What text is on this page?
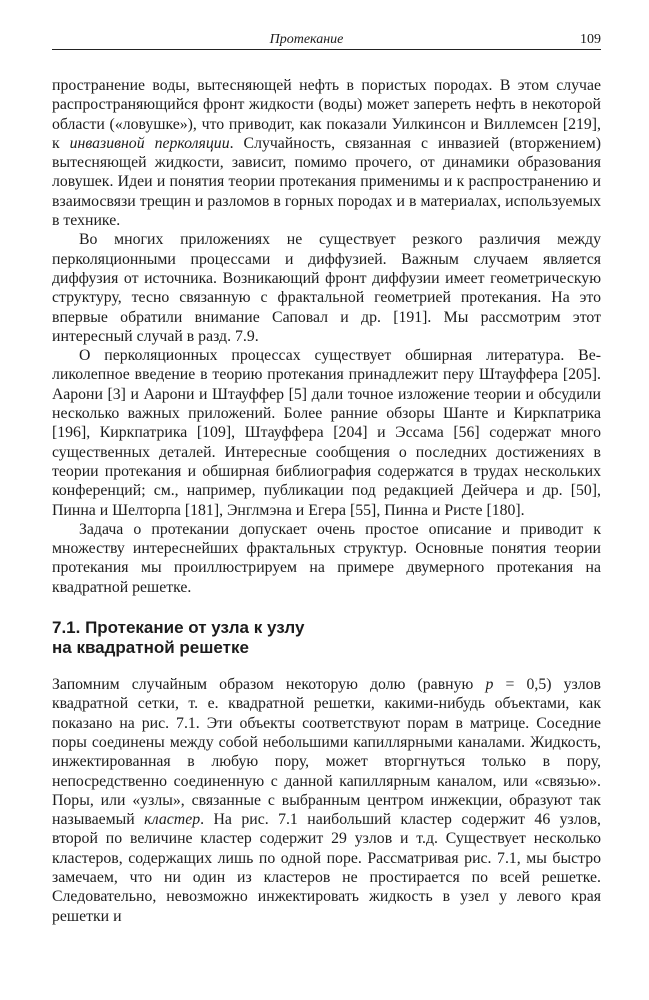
Протекание	109

пространение воды, вытесняющей нефть в пористых породах. В этом случае распространяющийся фронт жидкости (воды) может запереть нефть в некоторой области («ловушке»), что приводит, как показали Уилкинсон и Виллемсен [219], к инвазивной перколяции. Случайность, связанная с инвазией (вторжением) вытесняющей жидкости, зависит, помимо прочего, от динамики образования ловушек. Идеи и понятия теории протекания применимы и к распространению и взаимосвязи трещин и разломов в горных породах и в материалах, используемых в технике.

Во многих приложениях не существует резкого различия между перколяционными процессами и диффузией. Важным случаем является диффузия от источника. Возникающий фронт диффузии имеет геометрическую структуру, тесно связанную с фрактальной геометрией протекания. На это впервые обратили внимание Саповал и др. [191]. Мы рассмотрим этот интересный случай в разд. 7.9.

О перколяционных процессах существует обширная литература. Великолепное введение в теорию протекания принадлежит перу Штауффера [205]. Аарони [3] и Аарони и Штауффер [5] дали точное изложение теории и обсудили несколько важных приложений. Более ранние обзоры Шанте и Киркпатрика [196], Киркпатрика [109], Штауффера [204] и Эссама [56] содержат много существенных деталей. Интересные сообщения о последних достижениях в теории протекания и обширная библиография содержатся в трудах нескольких конференций; см., например, публикации под редакцией Дейчера и др. [50], Пинна и Шелторпа [181], Энглмэна и Егера [55], Пинна и Ристе [180].

Задача о протекании допускает очень простое описание и приводит к множеству интереснейших фрактальных структур. Основные понятия теории протекания мы проиллюстрируем на примере двумерного протекания на квадратной решетке.

7.1. Протекание от узла к узлу
на квадратной решетке

Запомним случайным образом некоторую долю (равную p = 0,5) узлов квадратной сетки, т. е. квадратной решетки, какими-нибудь объектами, как показано на рис. 7.1. Эти объекты соответствуют порам в матрице. Соседние поры соединены между собой небольшими капиллярными каналами. Жидкость, инжектированная в любую пору, может вторгнуться только в пору, непосредственно соединенную с данной капиллярным каналом, или «связью». Поры, или «узлы», связанные с выбранным центром инжекции, образуют так называемый кластер. На рис. 7.1 наибольший кластер содержит 46 узлов, второй по величине кластер содержит 29 узлов и т.д. Существует несколько кластеров, содержащих лишь по одной поре. Рассматривая рис. 7.1, мы быстро замечаем, что ни один из кластеров не простирается по всей решетке. Следовательно, невозможно инжектировать жидкость в узел у левого края решетки и
